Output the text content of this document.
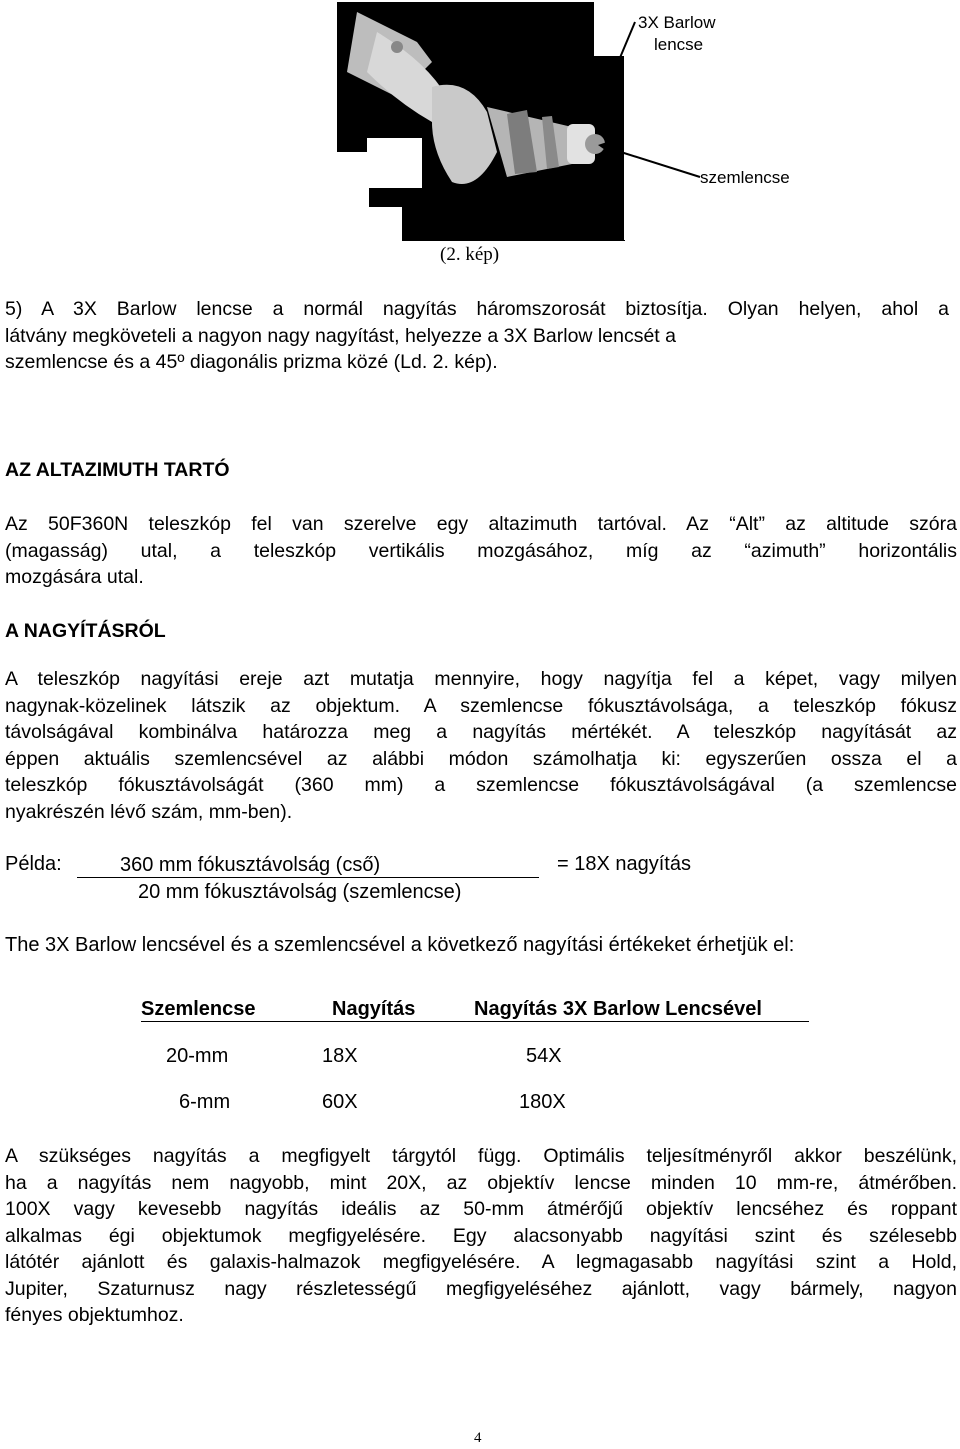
3X Barlow
lencse
szemlencse
(2. kép)
5) A 3X Barlow lencse a normál nagyítás háromszorosát biztosítja. Olyan helyen, ahol a
látvány megköveteli a nagyon nagy nagyítást, helyezze a 3X Barlow lencsét a
szemlencse és a 45º diagonális prizma közé (Ld. 2. kép).
AZ ALTAZIMUTH TARTÓ
Az 50F360N teleszkóp fel van szerelve egy altazimuth tartóval. Az “Alt” az altitude szóra
(magasság) utal, a teleszkóp vertikális mozgásához, míg az “azimuth” horizontális
mozgására utal.
A NAGYÍTÁSRÓL
A teleszkóp nagyítási ereje azt mutatja mennyire, hogy nagyítja fel a képet, vagy milyen
nagynak-közelinek látszik az objektum. A szemlencse fókusztávolsága, a teleszkóp fókusz
távolságával kombinálva határozza meg a nagyítás mértékét. A teleszkóp nagyítását az
éppen aktuális szemlencsével az alábbi módon számolhatja ki: egyszerűen ossza el a
teleszkóp fókusztávolságát (360 mm) a szemlencse fókusztávolságával (a szemlencse
nyakrészén lévő szám, mm-ben).
Példa:	360 mm fókusztávolság (cső)	= 18X nagyítás
20 mm fókusztávolság (szemlencse)
The 3X Barlow lencsével és a szemlencsével a következő nagyítási értékeket érhetjük el:
Szemlencse	Nagyítás	Nagyítás 3X Barlow Lencsével
20-mm	18X	54X
6-mm	60X	180X
A szükséges nagyítás a megfigyelt tárgytól függ. Optimális teljesítményről akkor beszélünk,
ha a nagyítás nem nagyobb, mint 20X, az objektív lencse minden 10 mm-re, átmérőben.
100X vagy kevesebb nagyítás ideális az 50-mm átmérőjű objektív lencséhez és roppant
alkalmas égi objektumok megfigyelésére. Egy alacsonyabb nagyítási szint és szélesebb
látótér ajánlott és galaxis-halmazok megfigyelésére. A legmagasabb nagyítási szint a Hold,
Jupiter, Szaturnusz nagy részletességű megfigyeléséhez ajánlott, vagy bármely, nagyon
fényes objektumhoz.
4
